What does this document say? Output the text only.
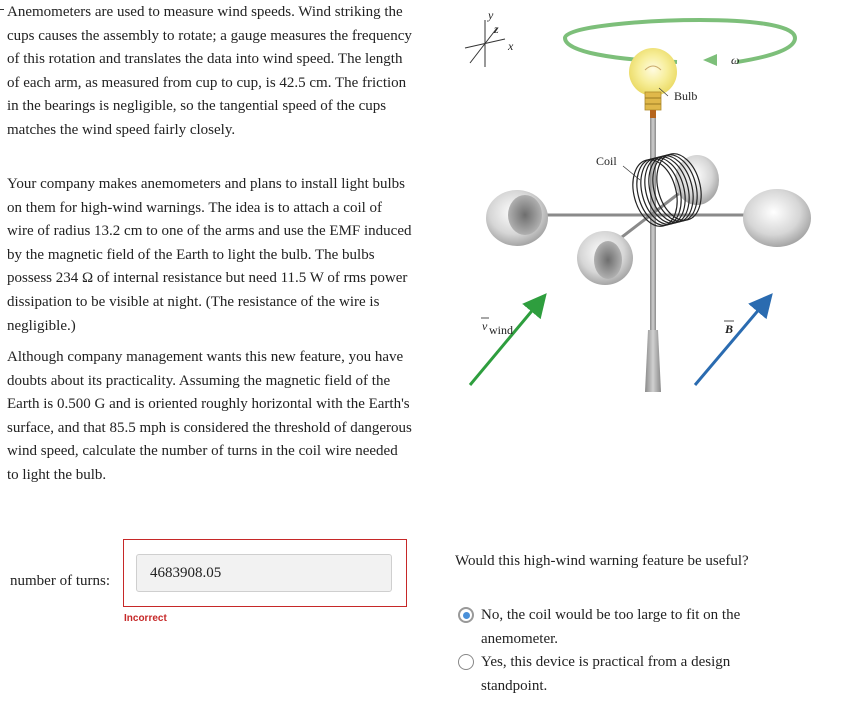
Anemometers are used to measure wind speeds. Wind striking the cups causes the assembly to rotate; a gauge measures the frequency of this rotation and translates the data into wind speed. The length of each arm, as measured from cup to cup, is 42.5 cm. The friction in the bearings is negligible, so the tangential speed of the cups matches the wind speed fairly closely.

Your company makes anemometers and plans to install light bulbs on them for high-wind warnings. The idea is to attach a coil of wire of radius 13.2 cm to one of the arms and use the EMF induced by the magnetic field of the Earth to light the bulb. The bulbs possess 234 Ω of internal resistance but need 11.5 W of rms power dissipation to be visible at night. (The resistance of the wire is negligible.)

Although company management wants this new feature, you have doubts about its practicality. Assuming the magnetic field of the Earth is 0.500 G and is oriented roughly horizontal with the Earth's surface, and that 85.5 mph is considered the threshold of dangerous wind speed, calculate the number of turns in the coil wire needed to light the bulb.

number of turns:	4683908.05
Incorrect
y
z
x
ω
Bulb
Coil
v wind	B
Would this high-wind warning feature be useful?
No, the coil would be too large to fit on the anemometer.
Yes, this device is practical from a design standpoint.
